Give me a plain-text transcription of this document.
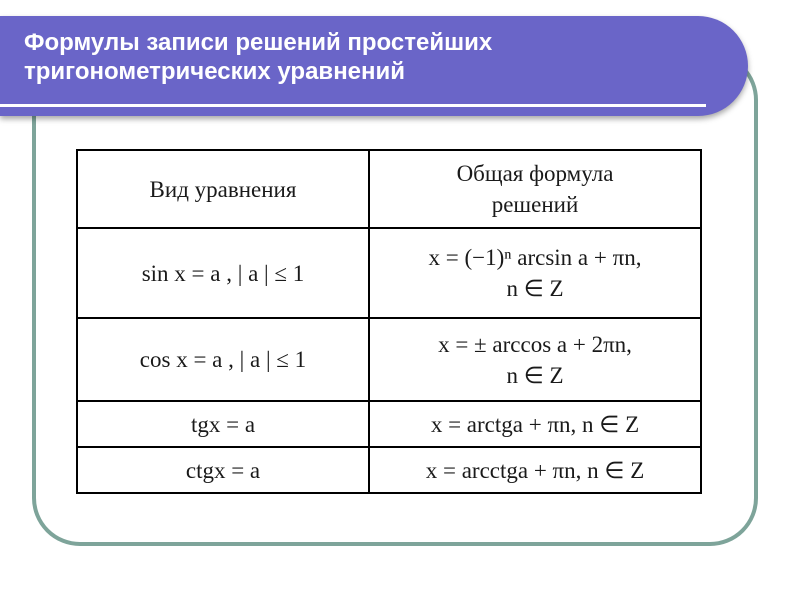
Формулы записи решений простейших
тригонометрических уравнений
Вид уравнения	Общая формула
решений

sin x = a , | a | ≤ 1	x = (−1)ⁿ arcsin a + πn,
n ∈ Z

cos x = a , | a | ≤ 1	x = ± arccos a + 2πn,
n ∈ Z

tgx = a	x = arctga + πn, n ∈ Z

ctgx = a	x = arcctga + πn, n ∈ Z
